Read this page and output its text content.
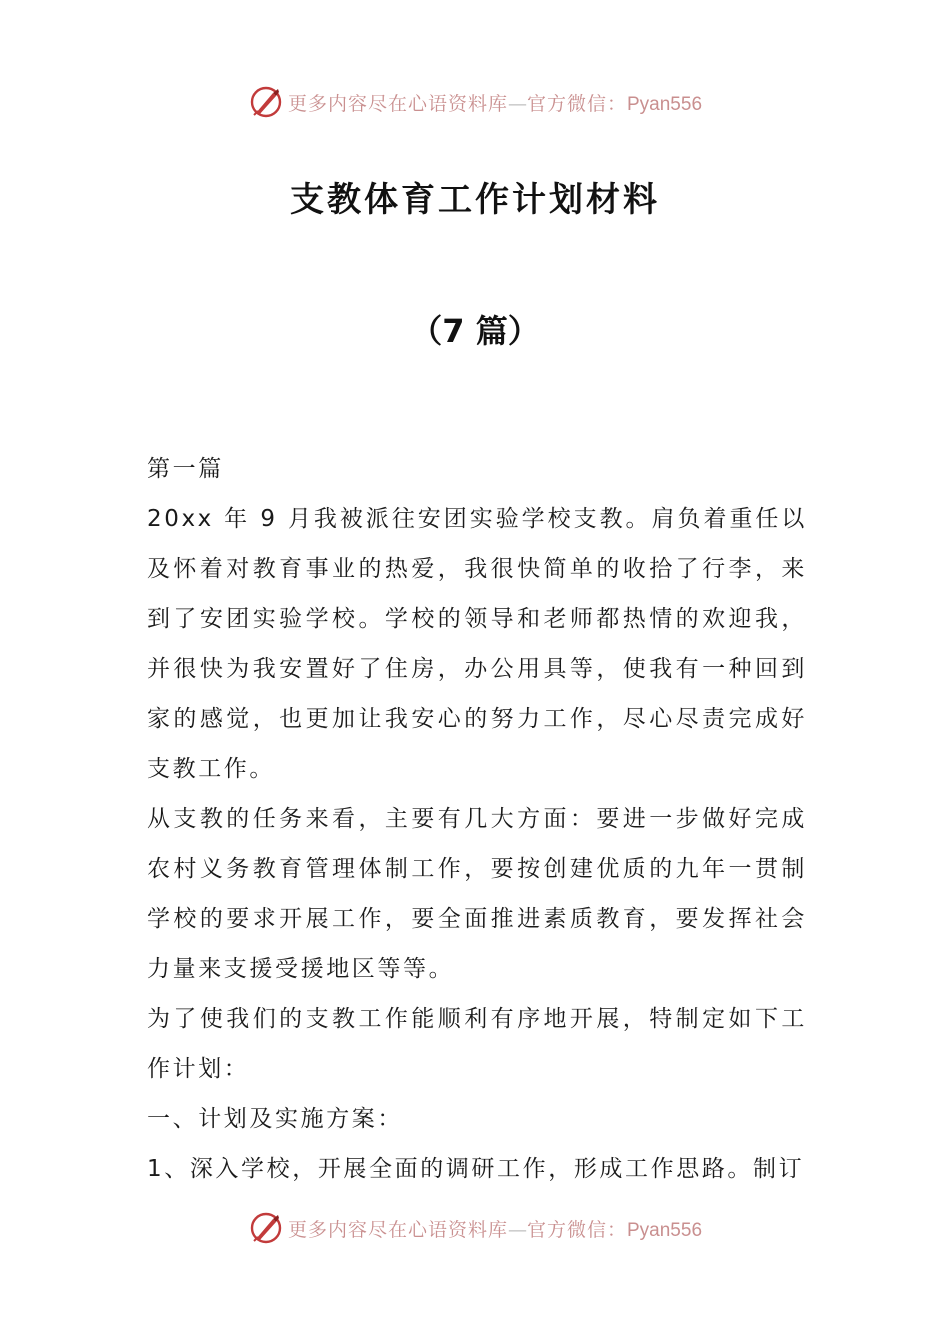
更多内容尽在心语资料库—官方微信：Pyan556
支教体育工作计划材料
（7 篇）

第一篇

20xx 年 9 月我被派往安团实验学校支教。肩负着重任以及怀着对教育事业的热爱，我很快简单的收拾了行李，来到了安团实验学校。学校的领导和老师都热情的欢迎我，并很快为我安置好了住房，办公用具等，使我有一种回到家的感觉，也更加让我安心的努力工作，尽心尽责完成好支教工作。

从支教的任务来看，主要有几大方面：要进一步做好完成农村义务教育管理体制工作，要按创建优质的九年一贯制学校的要求开展工作，要全面推进素质教育，要发挥社会力量来支援受援地区等等。

为了使我们的支教工作能顺利有序地开展，特制定如下工作计划：

一、计划及实施方案：

1、深入学校，开展全面的调研工作，形成工作思路。制订

更多内容尽在心语资料库—官方微信：Pyan556
